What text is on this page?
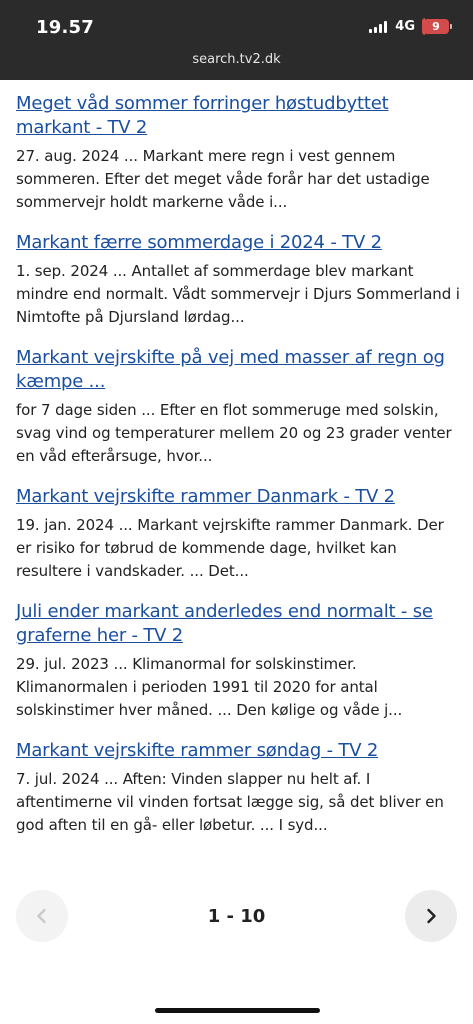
19.57	4G	9
search.tv2.dk
Meget våd sommer forringer høstudbyttet markant - TV 2
27. aug. 2024 ... Markant mere regn i vest gennem sommeren. Efter det meget våde forår har det ustadige sommervejr holdt markerne våde i...
Markant færre sommerdage i 2024 - TV 2
1. sep. 2024 ... Antallet af sommerdage blev markant mindre end normalt. Vådt sommervejr i Djurs Sommerland i Nimtofte på Djursland lørdag...
Markant vejrskifte på vej med masser af regn og kæmpe ...
for 7 dage siden ... Efter en flot sommeruge med solskin, svag vind og temperaturer mellem 20 og 23 grader venter en våd efterårsuge, hvor...
Markant vejrskifte rammer Danmark - TV 2
19. jan. 2024 ... Markant vejrskifte rammer Danmark. Der er risiko for tøbrud de kommende dage, hvilket kan resultere i vandskader. ... Det...
Juli ender markant anderledes end normalt - se graferne her - TV 2
29. jul. 2023 ... Klimanormal for solskinstimer. Klimanormalen i perioden 1991 til 2020 for antal solskinstimer hver måned. ... Den kølige og våde j...
Markant vejrskifte rammer søndag - TV 2
7. jul. 2024 ... Aften: Vinden slapper nu helt af. I aftentimerne vil vinden fortsat lægge sig, så det bliver en god aften til en gå- eller løbetur. ... I syd...
1 - 10
